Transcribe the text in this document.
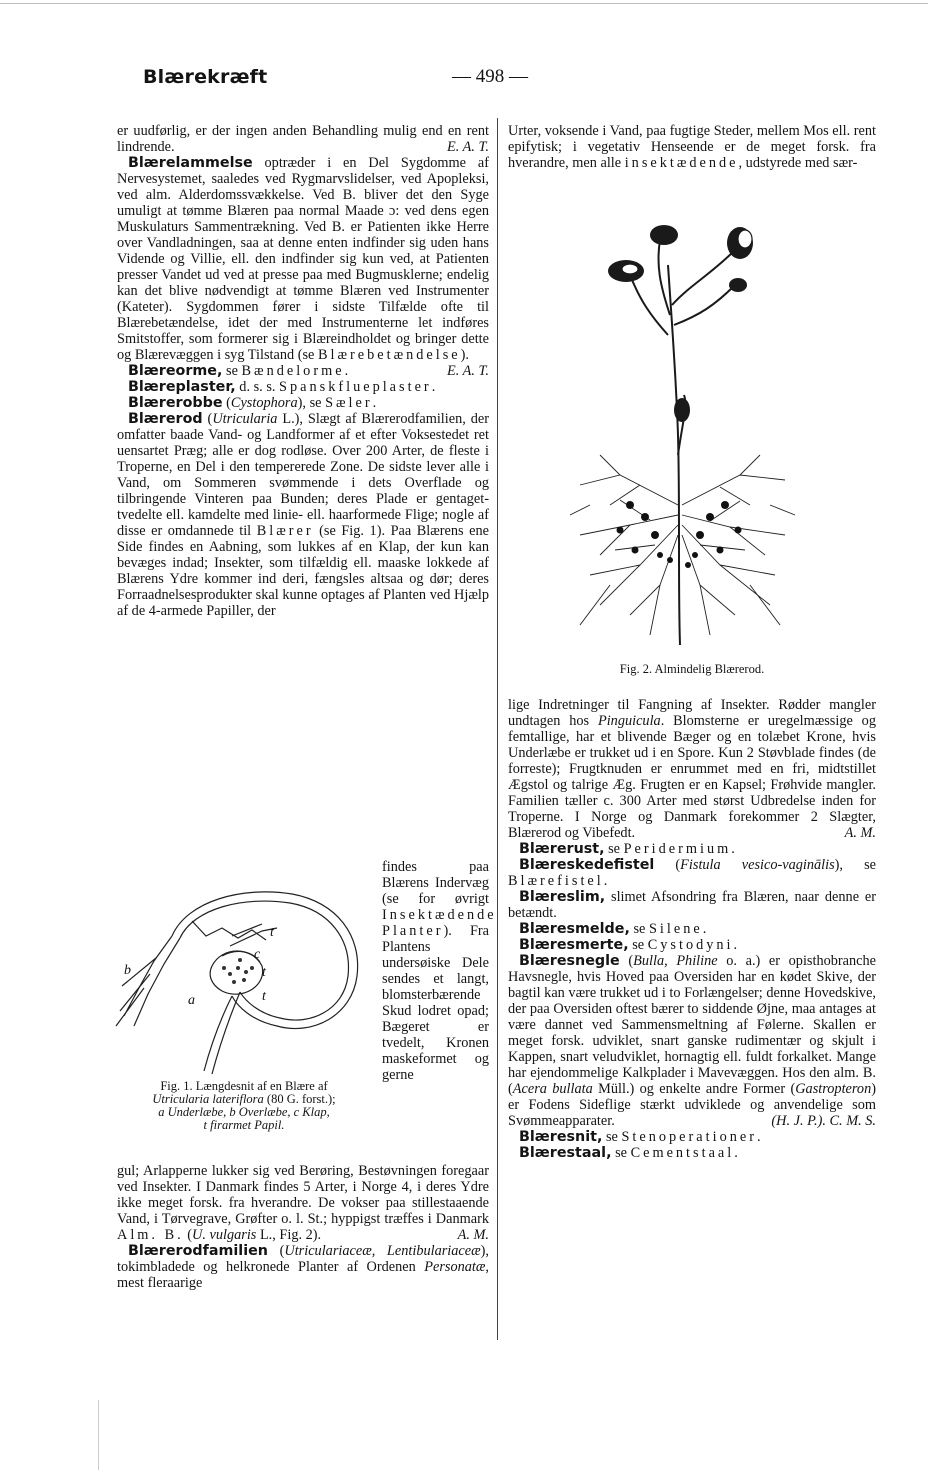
Blærekræft	— 498 —

er uudførlig, er der ingen anden Behandling mulig end en rent lindrende.	E. A. T.

Blærelammelse optræder i en Del Sygdomme af Nervesystemet, saaledes ved Rygmarvslidelser, ved Apopleksi, ved alm. Alderdomssvækkelse. Ved B. bliver det den Syge umuligt at tømme Blæren paa normal Maade ɔ: ved dens egen Muskulaturs Sammentrækning. Ved B. er Patienten ikke Herre over Vandladningen, saa at denne enten indfinder sig uden hans Vidende og Villie, ell. den indfinder sig kun ved, at Patienten presser Vandet ud ved at presse paa med Bugmusklerne; endelig kan det blive nødvendigt at tømme Blæren ved Instrumenter (Kateter). Sygdommen fører i sidste Tilfælde ofte til Blærebetændelse, idet der med Instrumenterne let indføres Smitstoffer, som formerer sig i Blæreindholdet og bringer dette og Blærevæggen i syg Tilstand (se Blærebetændelse).
E. A. T.

Blæreorme, se Bændelorme.

Blæreplaster, d. s. s. Spanskflueplaster.

Blærerobbe (Cystophora), se Sæler.

Blærerod (Utricularia L.), Slægt af Blærerodfamilien, der omfatter baade Vand- og Landformer af et efter Voksestedet ret uensartet Præg; alle er dog rodløse. Over 200 Arter, de fleste i Troperne, en Del i den tempererede Zone. De sidste lever alle i Vand, om Sommeren svømmende i dets Overflade og tilbringende Vinteren paa Bunden; deres Plade er gentaget-tvedelte ell. kamdelte med linie- ell. haarformede Flige; nogle af disse er omdannede til Blærer (se Fig. 1). Paa Blærens ene Side findes en Aabning, som lukkes af en Klap, der kun kan bevæges indad; Insekter, som tilfældig ell. maaske lokkede af Blærens Ydre kommer ind deri, fængsles altsaa og dør; deres Forraadnelsesprodukter skal kunne optages af Planten ved Hjælp af de 4-armede Papiller, der

findes paa Blærens Indervæg (se for øvrigt Insektædende Planter). Fra Plantens undersøiske Dele sendes et langt, blomsterbærende Skud lodret opad; Bægeret er tvedelt, Kronen maskeformet og gerne
t
c
t
t
b
a
Fig. 1. Længdesnit af en Blære af
Utricularia lateriflora (80 G. forst.);
a Underlæbe, b Overlæbe, c Klap,
t firarmet Papil.

gul; Arlapperne lukker sig ved Berøring, Bestøvningen foregaar ved Insekter. I Danmark findes 5 Arter, i Norge 4, i deres Ydre ikke meget forsk. fra hverandre. De vokser paa stillestaaende Vand, i Tørvegrave, Grøfter o. l. St.; hyppigst træffes i Danmark Alm. B. (U. vulgaris L., Fig. 2).	A. M.

Blærerodfamilien (Utriculariaceæ, Lentibulariaceæ), tokimbladede og helkronede Planter af Ordenen Personatæ, mest fleraarige

Urter, voksende i Vand, paa fugtige Steder, mellem Mos ell. rent epifytisk; i vegetativ Henseende er de meget forsk. fra hverandre, men alle insektædende, udstyrede med sær-

Fig. 2. Almindelig Blærerod.

lige Indretninger til Fangning af Insekter. Rødder mangler undtagen hos Pinguicula. Blomsterne er uregelmæssige og femtallige, har et blivende Bæger og en tolæbet Krone, hvis Underlæbe er trukket ud i en Spore. Kun 2 Støvblade findes (de forreste); Frugtknuden er enrummet med en fri, midtstillet Ægstol og talrige Æg. Frugten er en Kapsel; Frøhvide mangler. Familien tæller c. 300 Arter med størst Udbredelse inden for Troperne. I Norge og Danmark forekommer 2 Slægter, Blærerod og Vibefedt.	A. M.

Blærerust, se Peridermium.

Blæreskedefistel (Fistula vesico-vaginālis), se Blærefistel.

Blæreslim, slimet Afsondring fra Blæren, naar denne er betændt.

Blæresmelde, se Silene.

Blæresmerte, se Cystodyni.

Blæresnegle (Bulla, Philine o. a.) er opisthobranche Havsnegle, hvis Hoved paa Oversiden har en kødet Skive, der bagtil kan være trukket ud i to Forlængelser; denne Hovedskive, der paa Oversiden oftest bærer to siddende Øjne, maa antages at være dannet ved Sammensmeltning af Følerne. Skallen er meget forsk. udviklet, snart ganske rudimentær og skjult i Kappen, snart veludviklet, hornagtig ell. fuldt forkalket. Mange har ejendommelige Kalkplader i Mavevæggen. Hos den alm. B. (Acera bullata Müll.) og enkelte andre Former (Gastropteron) er Fodens Sideflige stærkt udviklede og anvendelige som Svømmeapparater.	(H. J. P.). C. M. S.

Blæresnit, se Stenoperationer.

Blærestaal, se Cementstaal.
